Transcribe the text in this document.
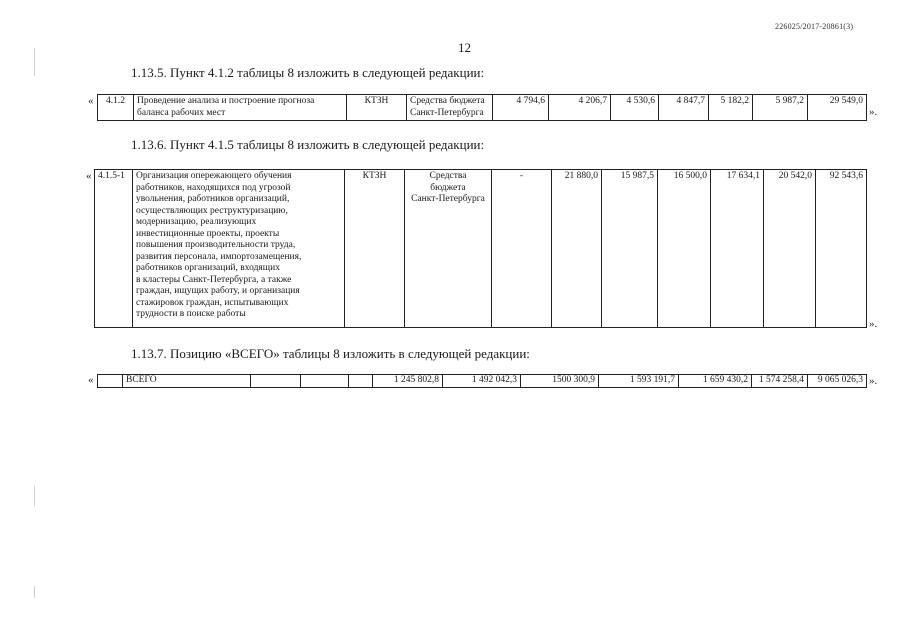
226025/2017-20861(3)
12
1.13.5. Пункт 4.1.2 таблицы 8 изложить в следующей редакции:
« 4.1.2	Проведение анализа и построение прогноза
баланса рабочих мест
	КТЗН	Средства бюджета
Санкт-Петербурга
	4 794,6	4 206,7	4 530,6	4 847,7	5 182,2	5 987,2	29 549,0
».
1.13.6. Пункт 4.1.5 таблицы 8 изложить в следующей редакции:
« 4.1.5-1	Организация опережающего обучения
работников, находящихся под угрозой
увольнения, работников организаций,
осуществляющих реструктуризацию,
модернизацию, реализующих
инвестиционные проекты, проекты
повышения производительности труда,
развития персонала, импортозамещения,
работников организаций, входящих
в кластеры Санкт-Петербурга, а также
граждан, ищущих работу, и организация
стажировок граждан, испытывающих
трудности в поиске работы
	КТЗН	Средства
бюджета
Санкт-Петербурга
	-	21 880,0	15 987,5	16 500,0	17 634,1	20 542,0	92 543,6
».
1.13.7. Позицию «ВСЕГО» таблицы 8 изложить в следующей редакции:
«
		ВСЕГО				1 245 802,8	1 492 042,3	1500 300,9	1 593 191,7	1 659 430,2	1 574 258,4	9 065 026,3 ».
